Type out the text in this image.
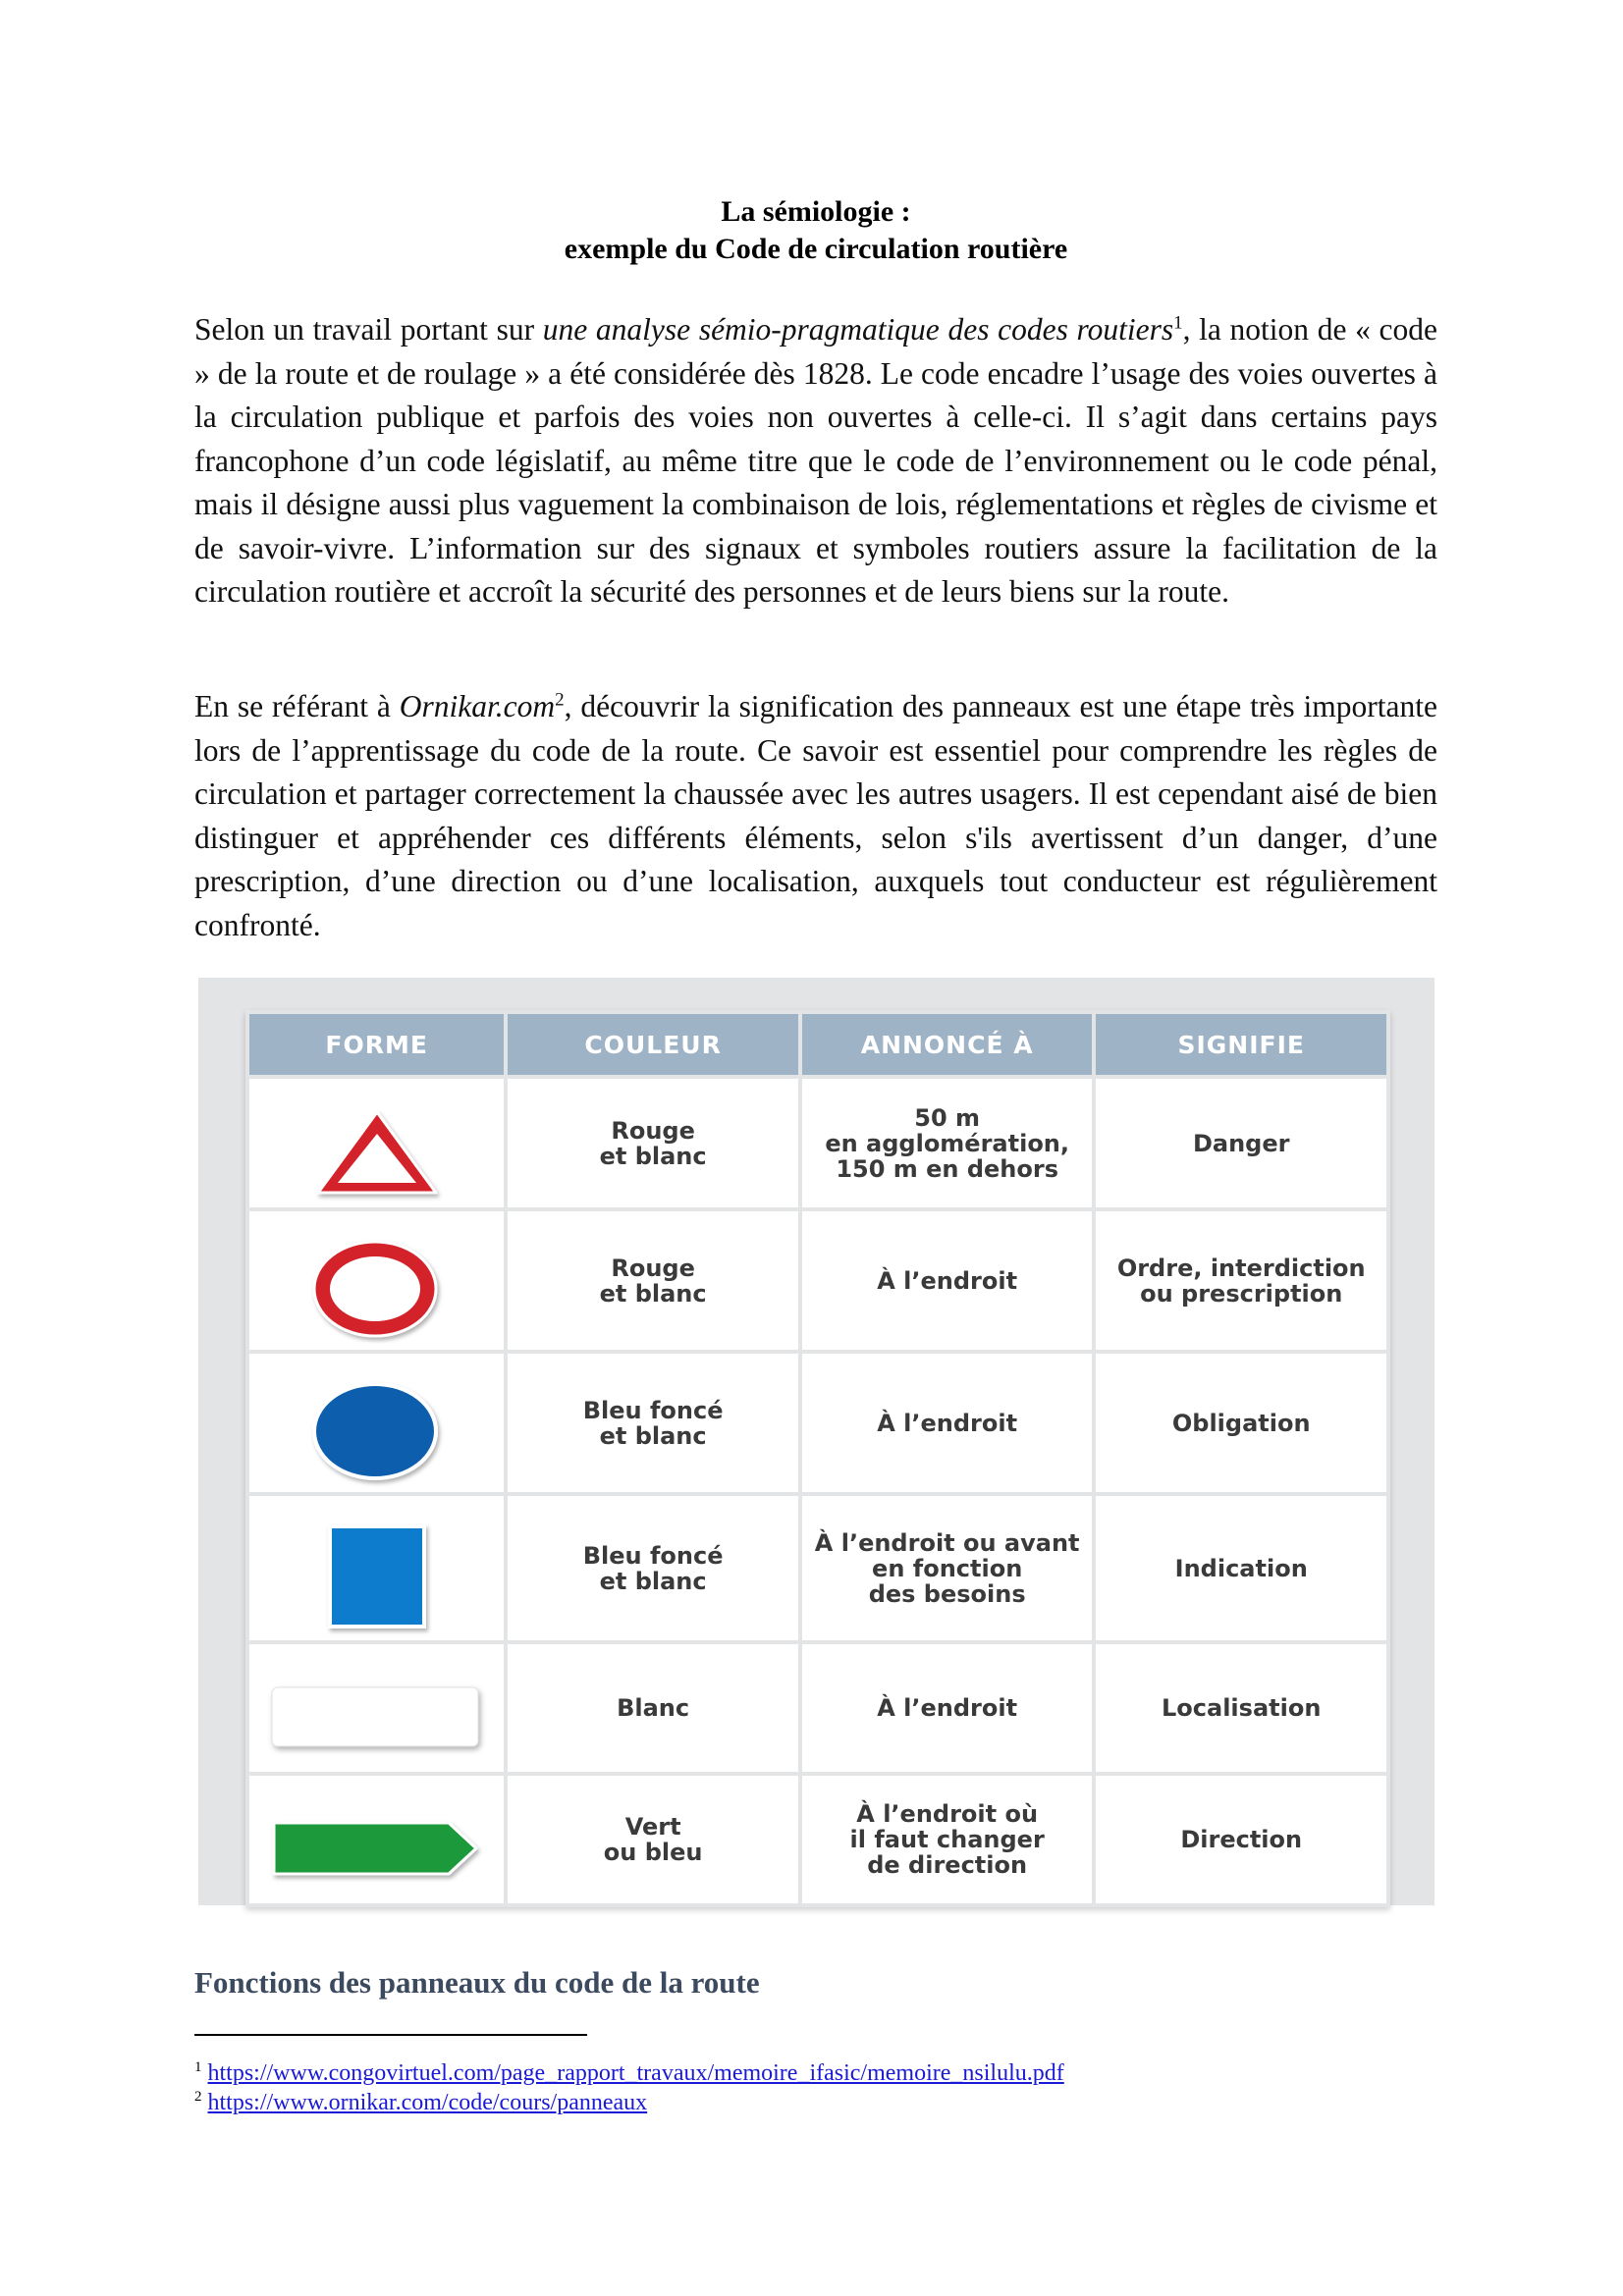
La sémiologie :
exemple du Code de circulation routière

Selon un travail portant sur une analyse sémio-pragmatique des codes routiers$^1$, la notion de « code » de la route et de roulage » a été considérée dès 1828. Le code encadre l’usage des voies ouvertes à la circulation publique et parfois des voies non ouvertes à celle-ci. Il s’agit dans certains pays francophone d’un code législatif, au même titre que le code de l’environnement ou le code pénal, mais il désigne aussi plus vaguement la combinaison de lois, réglementations et règles de civisme et de savoir-vivre. L’information sur des signaux et symboles routiers assure la facilitation de la circulation routière et accroît la sécurité des personnes et de leurs biens sur la route.

En se référant à Ornikar.com$^2$, découvrir la signification des panneaux est une étape très importante lors de l’apprentissage du code de la route. Ce savoir est essentiel pour comprendre les règles de circulation et partager correctement la chaussée avec les autres usagers. Il est cependant aisé de bien distinguer et appréhender ces différents éléments, selon s'ils avertissent d’un danger, d’une prescription, d’une direction ou d’une localisation, auxquels tout conducteur est régulièrement confronté.

FORME	COULEUR	ANNONCÉ À	SIGNIFIE

	Rouge
et blanc	50 m
en agglomération,
150 m en dehors	Danger

	Rouge
et blanc	À l’endroit	Ordre, interdiction
ou prescription

	Bleu foncé
et blanc	À l’endroit	Obligation

	Bleu foncé
et blanc	À l’endroit ou avant
en fonction
des besoins	Indication

	Blanc	À l’endroit	Localisation

	Vert
ou bleu	À l’endroit où
il faut changer
de direction	Direction
Fonctions des panneaux du code de la route
$^1$ https://www.congovirtuel.com/page_rapport_travaux/memoire_ifasic/memoire_nsilulu.pdf
$^2$ https://www.ornikar.com/code/cours/panneaux
